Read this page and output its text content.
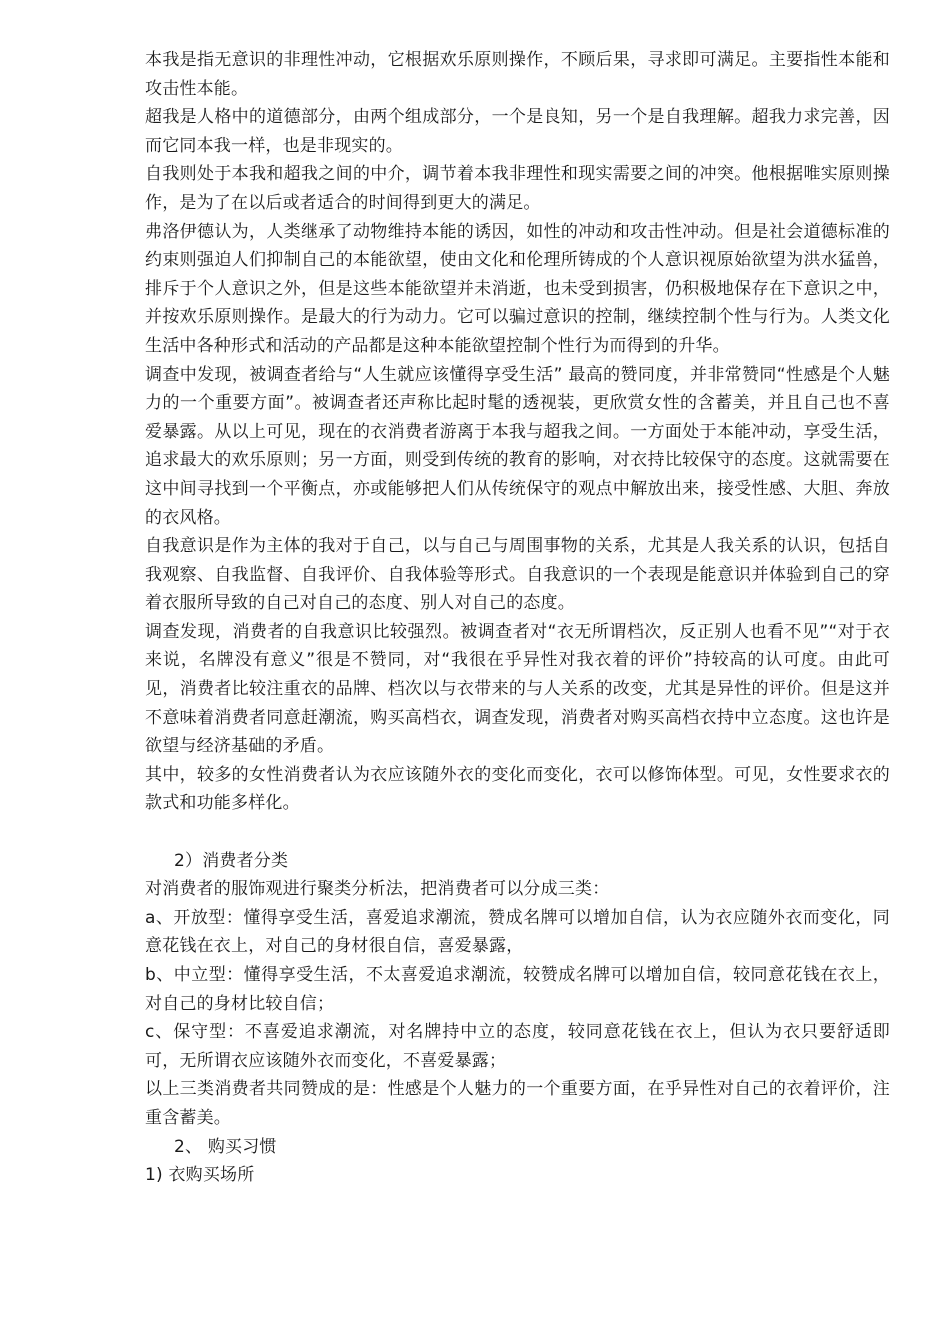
本我是指无意识的非理性冲动，它根据欢乐原则操作，不顾后果，寻求即可满足。主要指性本能和攻击性本能。

超我是人格中的道德部分，由两个组成部分，一个是良知，另一个是自我理解。超我力求完善，因而它同本我一样，也是非现实的。

自我则处于本我和超我之间的中介，调节着本我非理性和现实需要之间的冲突。他根据唯实原则操作，是为了在以后或者适合的时间得到更大的满足。

弗洛伊德认为，人类继承了动物维持本能的诱因，如性的冲动和攻击性冲动。但是社会道德标准的约束则强迫人们抑制自己的本能欲望，使由文化和伦理所铸成的个人意识视原始欲望为洪水猛兽，排斥于个人意识之外，但是这些本能欲望并未消逝，也未受到损害，仍积极地保存在下意识之中，并按欢乐原则操作。是最大的行为动力。它可以骗过意识的控制，继续控制个性与行为。人类文化生活中各种形式和活动的产品都是这种本能欲望控制个性行为而得到的升华。

调查中发现，被调查者给与“人生就应该懂得享受生活” 最高的赞同度，并非常赞同“性感是个人魅力的一个重要方面”。被调查者还声称比起时髦的透视装，更欣赏女性的含蓄美，并且自己也不喜爱暴露。从以上可见，现在的衣消费者游离于本我与超我之间。一方面处于本能冲动，享受生活，追求最大的欢乐原则；另一方面，则受到传统的教育的影响，对衣持比较保守的态度。这就需要在这中间寻找到一个平衡点，亦或能够把人们从传统保守的观点中解放出来，接受性感、大胆、奔放的衣风格。

自我意识是作为主体的我对于自己，以与自己与周围事物的关系，尤其是人我关系的认识，包括自我观察、自我监督、自我评价、自我体验等形式。自我意识的一个表现是能意识并体验到自己的穿着衣服所导致的自己对自己的态度、别人对自己的态度。

调查发现，消费者的自我意识比较强烈。被调查者对“衣无所谓档次，反正别人也看不见”“对于衣来说，名牌没有意义”很是不赞同，对“我很在乎异性对我衣着的评价”持较高的认可度。由此可见，消费者比较注重衣的品牌、档次以与衣带来的与人关系的改变，尤其是异性的评价。但是这并不意味着消费者同意赶潮流，购买高档衣，调查发现，消费者对购买高档衣持中立态度。这也许是欲望与经济基础的矛盾。

其中，较多的女性消费者认为衣应该随外衣的变化而变化，衣可以修饰体型。可见，女性要求衣的款式和功能多样化。

2）消费者分类

对消费者的服饰观进行聚类分析法，把消费者可以分成三类：

a、开放型：懂得享受生活，喜爱追求潮流，赞成名牌可以增加自信，认为衣应随外衣而变化，同意花钱在衣上，对自己的身材很自信，喜爱暴露，

b、中立型：懂得享受生活，不太喜爱追求潮流，较赞成名牌可以增加自信，较同意花钱在衣上，对自己的身材比较自信；

c、保守型：不喜爱追求潮流，对名牌持中立的态度，较同意花钱在衣上，但认为衣只要舒适即可，无所谓衣应该随外衣而变化，不喜爱暴露；

以上三类消费者共同赞成的是：性感是个人魅力的一个重要方面，在乎异性对自己的衣着评价，注重含蓄美。

2、 购买习惯

1) 衣购买场所
